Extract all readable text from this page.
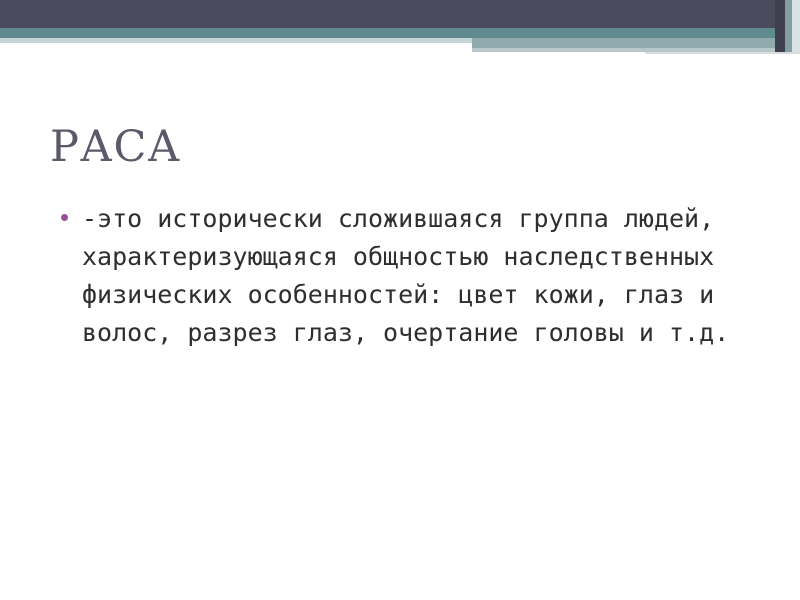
РАСА
-это исторически сложившаяся группа людей, характеризующаяся общностью наследственных физических особенностей: цвет кожи, глаз и волос, разрез глаз, очертание головы и т.д.
